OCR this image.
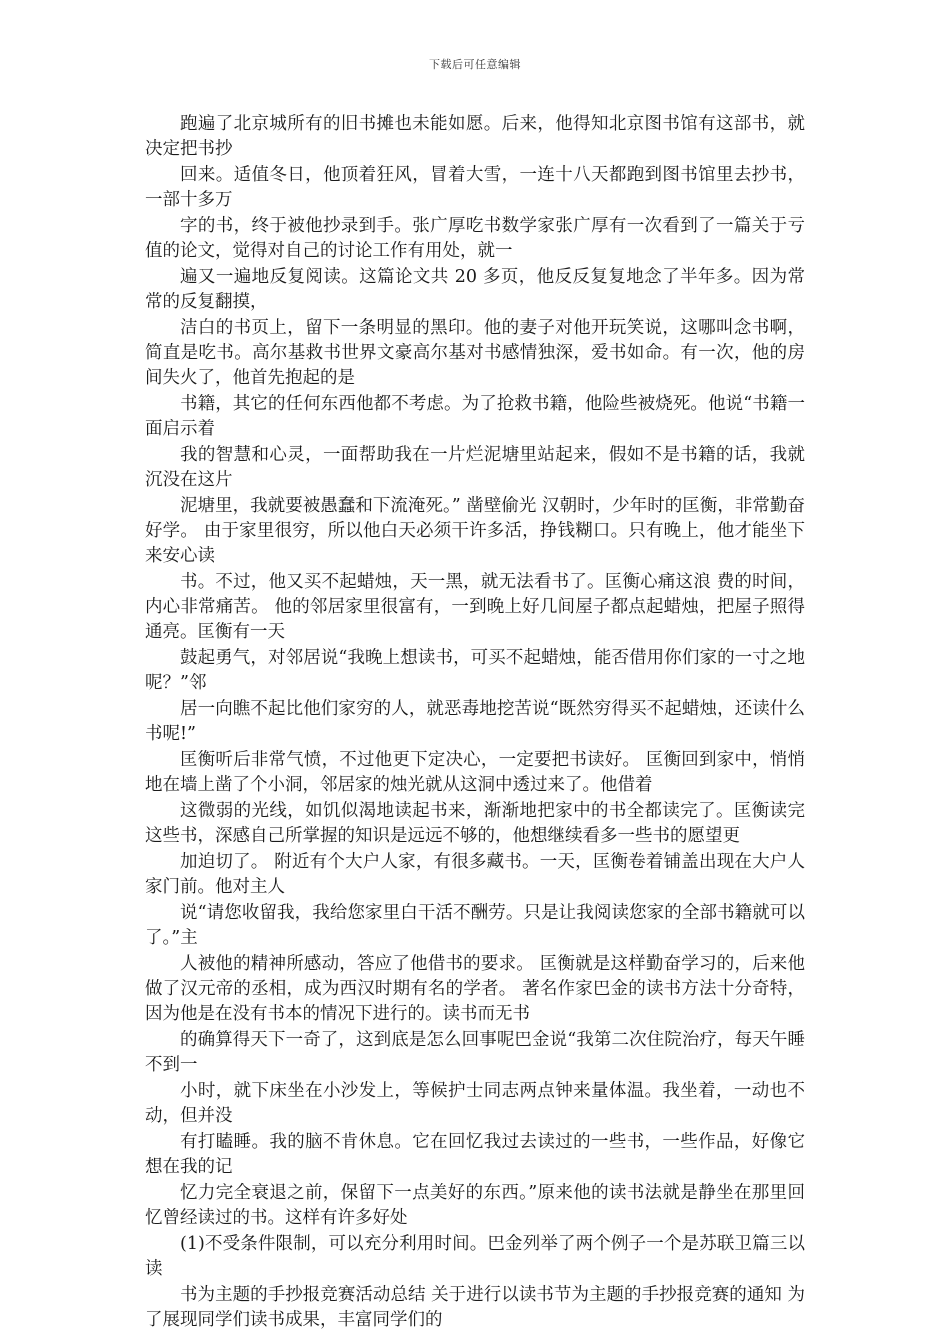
下载后可任意编辑

跑遍了北京城所有的旧书摊也未能如愿。后来，他得知北京图书馆有这部书，就决定把书抄

回来。适值冬日，他顶着狂风，冒着大雪，一连十八天都跑到图书馆里去抄书，一部十多万

字的书，终于被他抄录到手。张广厚吃书数学家张广厚有一次看到了一篇关于亏值的论文，觉得对自己的讨论工作有用处，就一

遍又一遍地反复阅读。这篇论文共 20 多页，他反反复复地念了半年多。因为常常的反复翻摸，

洁白的书页上，留下一条明显的黑印。他的妻子对他开玩笑说，这哪叫念书啊，简直是吃书。高尔基救书世界文豪高尔基对书感情独深，爱书如命。有一次，他的房间失火了，他首先抱起的是

书籍，其它的任何东西他都不考虑。为了抢救书籍，他险些被烧死。他说“书籍一面启示着

我的智慧和心灵，一面帮助我在一片烂泥塘里站起来，假如不是书籍的话，我就沉没在这片

泥塘里，我就要被愚蠢和下流淹死。” 凿壁偷光 汉朝时，少年时的匡衡，非常勤奋好学。 由于家里很穷，所以他白天必须干许多活，挣钱糊口。只有晚上，他才能坐下来安心读

书。不过，他又买不起蜡烛，天一黑，就无法看书了。匡衡心痛这浪 费的时间，内心非常痛苦。 他的邻居家里很富有，一到晚上好几间屋子都点起蜡烛，把屋子照得通亮。匡衡有一天

鼓起勇气，对邻居说“我晚上想读书，可买不起蜡烛，能否借用你们家的一寸之地呢？”邻

居一向瞧不起比他们家穷的人，就恶毒地挖苦说“既然穷得买不起蜡烛，还读什么书呢!”

匡衡听后非常气愤，不过他更下定决心，一定要把书读好。 匡衡回到家中，悄悄地在墙上凿了个小洞，邻居家的烛光就从这洞中透过来了。他借着

这微弱的光线，如饥似渴地读起书来，渐渐地把家中的书全都读完了。匡衡读完这些书，深感自己所掌握的知识是远远不够的，他想继续看多一些书的愿望更

加迫切了。 附近有个大户人家，有很多藏书。一天，匡衡卷着铺盖出现在大户人家门前。他对主人

说“请您收留我，我给您家里白干活不酬劳。只是让我阅读您家的全部书籍就可以了。”主

人被他的精神所感动，答应了他借书的要求。 匡衡就是这样勤奋学习的，后来他做了汉元帝的丞相，成为西汉时期有名的学者。 著名作家巴金的读书方法十分奇特，因为他是在没有书本的情况下进行的。读书而无书

的确算得天下一奇了，这到底是怎么回事呢巴金说“我第二次住院治疗，每天午睡不到一

小时，就下床坐在小沙发上，等候护士同志两点钟来量体温。我坐着，一动也不动，但并没

有打瞌睡。我的脑不肯休息。它在回忆我过去读过的一些书，一些作品，好像它想在我的记

忆力完全衰退之前，保留下一点美好的东西。”原来他的读书法就是静坐在那里回忆曾经读过的书。这样有许多好处

(1)不受条件限制，可以充分利用时间。巴金列举了两个例子一个是苏联卫篇三以读

书为主题的手抄报竞赛活动总结 关于进行以读书节为主题的手抄报竞赛的通知 为了展现同学们读书成果，丰富同学们的
